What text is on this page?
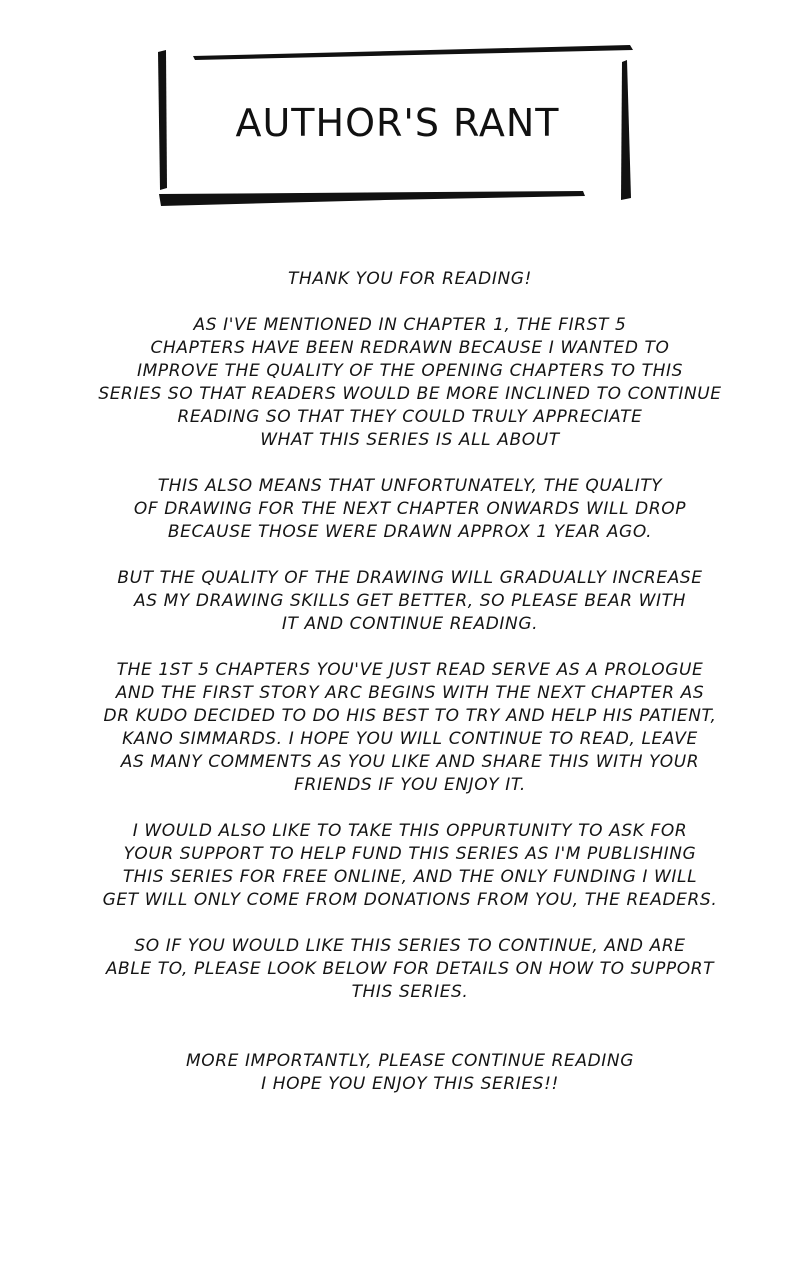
AUTHOR'S RANT

THANK YOU FOR READING!

AS I'VE MENTIONED IN CHAPTER 1, THE FIRST 5
CHAPTERS HAVE BEEN REDRAWN BECAUSE I WANTED TO
IMPROVE THE QUALITY OF THE OPENING CHAPTERS TO THIS
SERIES SO THAT READERS WOULD BE MORE INCLINED TO CONTINUE
READING SO THAT THEY COULD TRULY APPRECIATE
WHAT THIS SERIES IS ALL ABOUT

THIS ALSO MEANS THAT UNFORTUNATELY, THE QUALITY
OF DRAWING FOR THE NEXT CHAPTER ONWARDS WILL DROP
BECAUSE THOSE WERE DRAWN APPROX 1 YEAR AGO.

BUT THE QUALITY OF THE DRAWING WILL GRADUALLY INCREASE
AS MY DRAWING SKILLS GET BETTER, SO PLEASE BEAR WITH
IT AND CONTINUE READING.

THE 1ST 5 CHAPTERS YOU'VE JUST READ SERVE AS A PROLOGUE
AND THE FIRST STORY ARC BEGINS WITH THE NEXT CHAPTER AS
DR KUDO DECIDED TO DO HIS BEST TO TRY AND HELP HIS PATIENT,
KANO SIMMARDS. I HOPE YOU WILL CONTINUE TO READ, LEAVE
AS MANY COMMENTS AS YOU LIKE AND SHARE THIS WITH YOUR
FRIENDS IF YOU ENJOY IT.

I WOULD ALSO LIKE TO TAKE THIS OPPURTUNITY TO ASK FOR
YOUR SUPPORT TO HELP FUND THIS SERIES AS I'M PUBLISHING
THIS SERIES FOR FREE ONLINE, AND THE ONLY FUNDING I WILL
GET WILL ONLY COME FROM DONATIONS FROM YOU, THE READERS.

SO IF YOU WOULD LIKE THIS SERIES TO CONTINUE, AND ARE
ABLE TO, PLEASE LOOK BELOW FOR DETAILS ON HOW TO SUPPORT
THIS SERIES.

MORE IMPORTANTLY, PLEASE CONTINUE READING
I HOPE YOU ENJOY THIS SERIES!!
